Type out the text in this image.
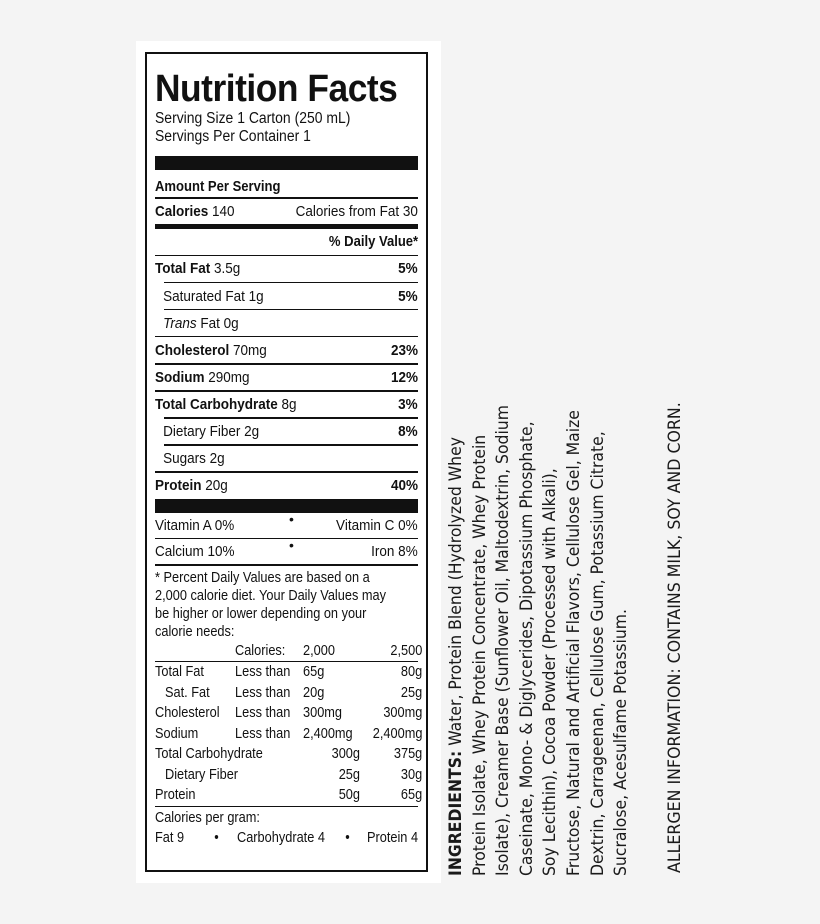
Nutrition Facts
Serving Size 1 Carton (250 mL)
Servings Per Container 1
Amount Per Serving
Calories 140	Calories from Fat 30
% Daily Value*
Total Fat 3.5g	5%
Saturated Fat 1g	5%
Trans Fat 0g
Cholesterol 70mg	23%
Sodium 290mg	12%
Total Carbohydrate 8g	3%
Dietary Fiber 2g	8%
Sugars 2g
Protein 20g	40%
Vitamin A 0%	•	Vitamin C 0%
Calcium 10%	•	Iron 8%
* Percent Daily Values are based on a
2,000 calorie diet. Your Daily Values may
be higher or lower depending on your
calorie needs:
Calories: 2,000	2,500
Total Fat Less than 65g	80g
Sat. Fat Less than 20g	25g
Cholesterol Less than 300mg	300mg
Sodium	Less than 2,400mg 2,400mg
Total Carbohydrate	300g 375g
Dietary Fiber	25g	30g
Protein	50g	65g
Calories per gram:
Fat 9 • Carbohydrate 4 • Protein 4 INGREDIENTS: Water, Protein Blend (Hydrolyzed Whey Protein Isolate, Whey Protein Concentrate, Whey Protein Isolate), Creamer Base (Sunflower Oil, Maltodextrin, Sodium Caseinate, Mono- & Diglycerides, Dipotassium Phosphate, Soy Lecithin), Cocoa Powder (Processed with Alkali), Fructose, Natural and Artificial Flavors, Cellulose Gel, Maize Dextrin, Carrageenan, Cellulose Gum, Potassium Citrate, Sucralose, Acesulfame Potassium. ALLERGEN INFORMATION: CONTAINS MILK, SOY AND CORN.
